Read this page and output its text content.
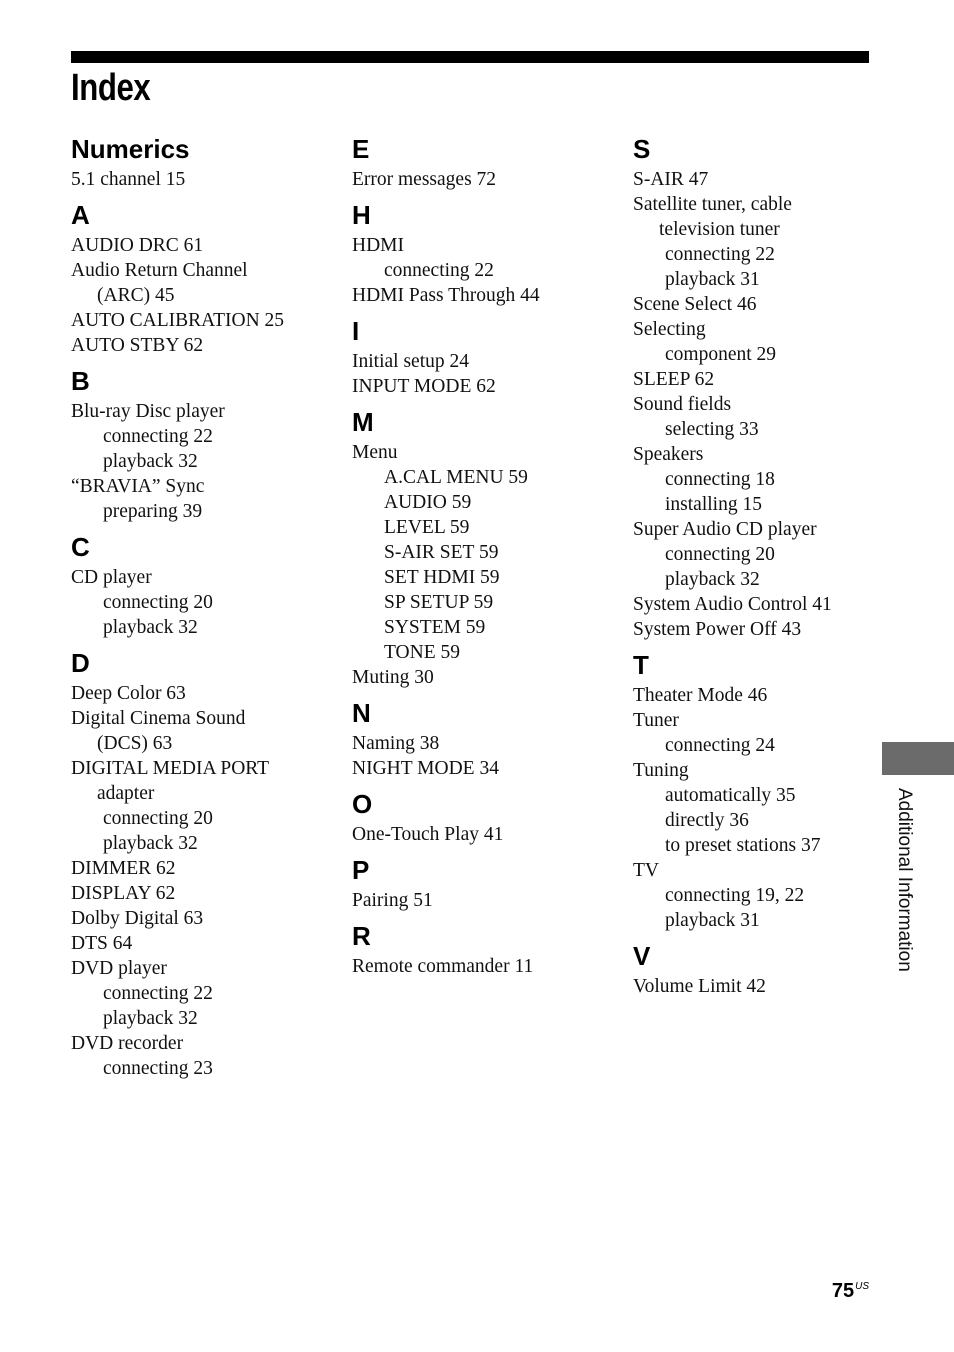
Index
Numerics
5.1 channel 15
A
AUDIO DRC 61
Audio Return Channel
(ARC) 45
AUTO CALIBRATION 25
AUTO STBY 62
B
Blu-ray Disc player
connecting 22
playback 32
“BRAVIA” Sync
preparing 39
C
CD player
connecting 20
playback 32
D
Deep Color 63
Digital Cinema Sound
(DCS) 63
DIGITAL MEDIA PORT
adapter
connecting 20
playback 32
DIMMER 62
DISPLAY 62
Dolby Digital 63
DTS 64
DVD player
connecting 22
playback 32
DVD recorder
connecting 23
E
Error messages 72
H
HDMI
connecting 22
HDMI Pass Through 44
I
Initial setup 24
INPUT MODE 62
M
Menu
A.CAL MENU 59
AUDIO 59
LEVEL 59
S-AIR SET 59
SET HDMI 59
SP SETUP 59
SYSTEM 59
TONE 59
Muting 30
N
Naming 38
NIGHT MODE 34
O
One-Touch Play 41
P
Pairing 51
R
Remote commander 11
S
S-AIR 47
Satellite tuner, cable
television tuner
connecting 22
playback 31
Scene Select 46
Selecting
component 29
SLEEP 62
Sound fields
selecting 33
Speakers
connecting 18
installing 15
Super Audio CD player
connecting 20
playback 32
System Audio Control 41
System Power Off 43
T
Theater Mode 46
Tuner
connecting 24
Tuning
automatically 35
directly 36
to preset stations 37
TV
connecting 19, 22
playback 31
V
Volume Limit 42
Additional Information
$75^{US}$
